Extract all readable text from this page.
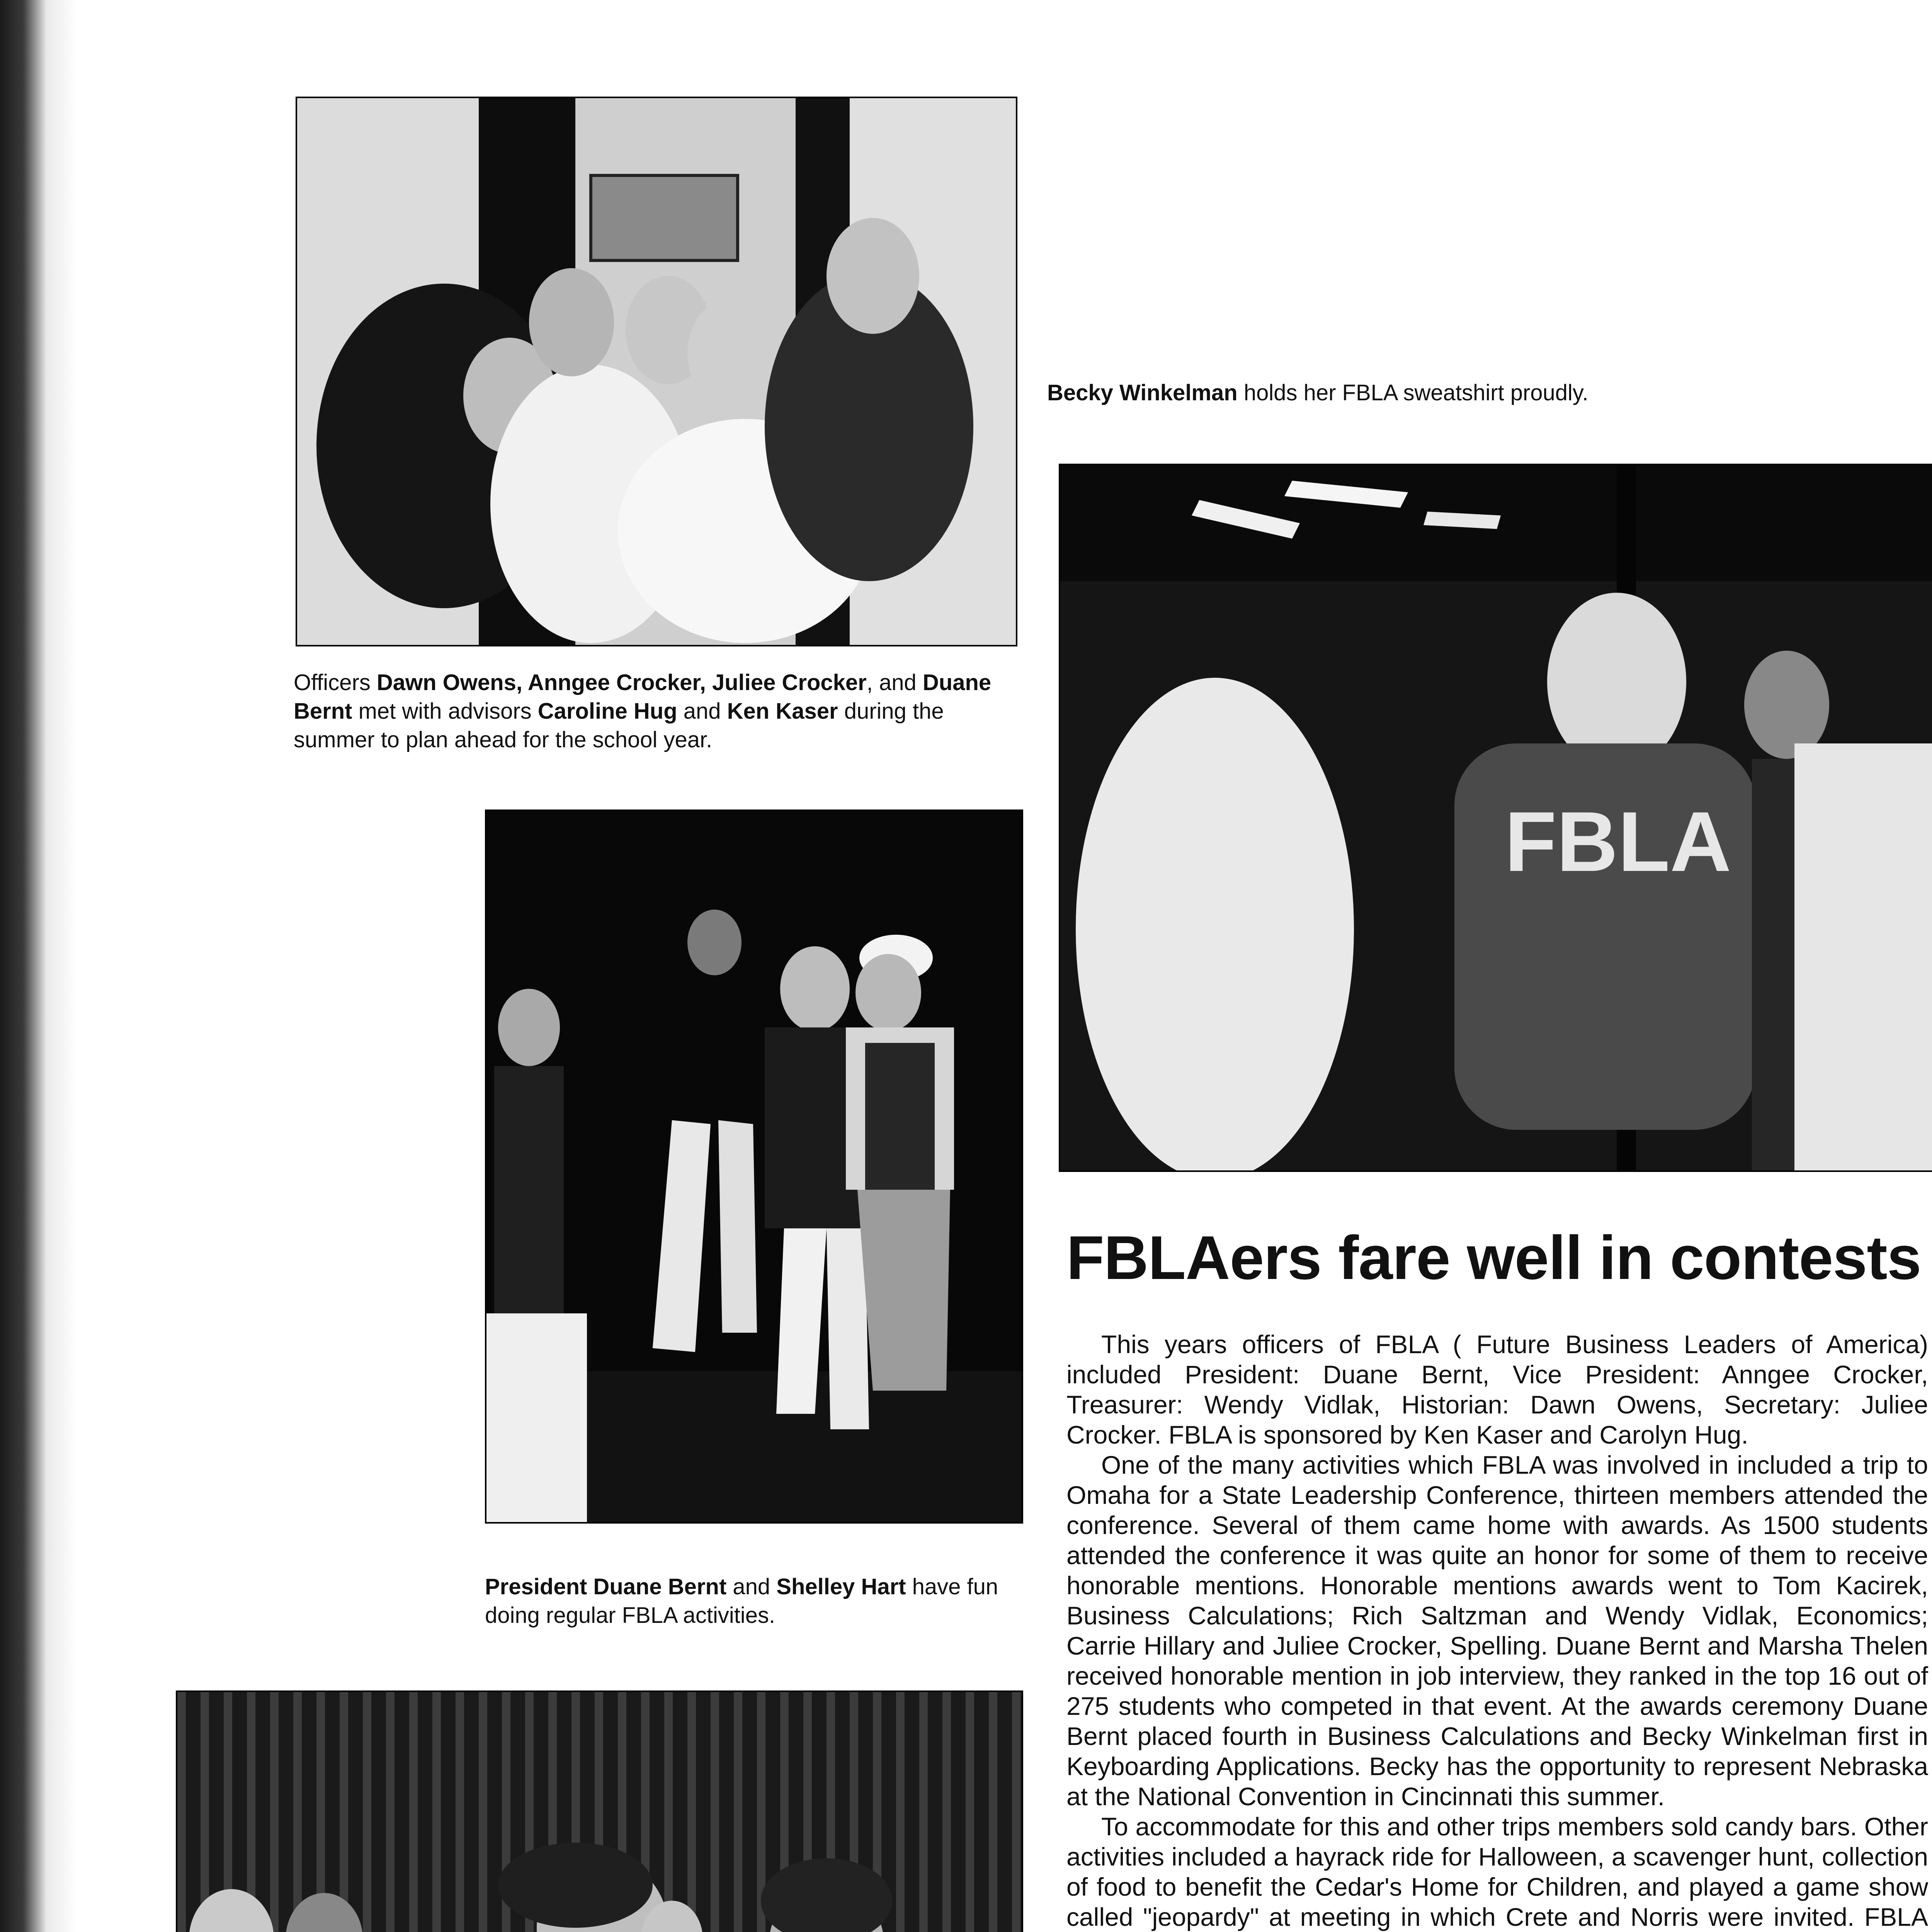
Becky Winkelman holds her FBLA sweatshirt proudly.
FBLA
Officers Dawn Owens, Anngee Crocker, Juliee Crocker, and Duane Bernt met with advisors Caroline Hug and Ken Kaser during the summer to plan ahead for the school year.
President Duane Bernt and Shelley Hart have fun doing regular FBLA activities.
FBLAers fare well in contests

This years officers of FBLA ( Future Business Leaders of America) included President: Duane Bernt, Vice President: Anngee Crocker, Treasurer: Wendy Vidlak, Historian: Dawn Owens, Secretary: Juliee Crocker. FBLA is sponsored by Ken Kaser and Carolyn Hug.

One of the many activities which FBLA was involved in included a trip to Omaha for a State Leadership Conference, thirteen members attended the conference. Several of them came home with awards. As 1500 students attended the conference it was quite an honor for some of them to receive honorable mentions. Honorable mentions awards went to Tom Kacirek, Business Calculations; Rich Saltzman and Wendy Vidlak, Economics; Carrie Hillary and Juliee Crocker, Spelling. Duane Bernt and Marsha Thelen received honorable mention in job interview, they ranked in the top 16 out of 275 students who competed in that event. At the awards ceremony Duane Bernt placed fourth in Business Calculations and Becky Winkelman first in Keyboarding Applications. Becky has the opportunity to represent Nebraska at the National Convention in Cincinnati this summer.

To accommodate for this and other trips members sold candy bars. Other activities included a hayrack ride for Halloween, a scavenger hunt, collection of food to benefit the Cedar's Home for Children, and played a game show called "jeopardy" at meeting in which Crete and Norris were invited. FBLA
